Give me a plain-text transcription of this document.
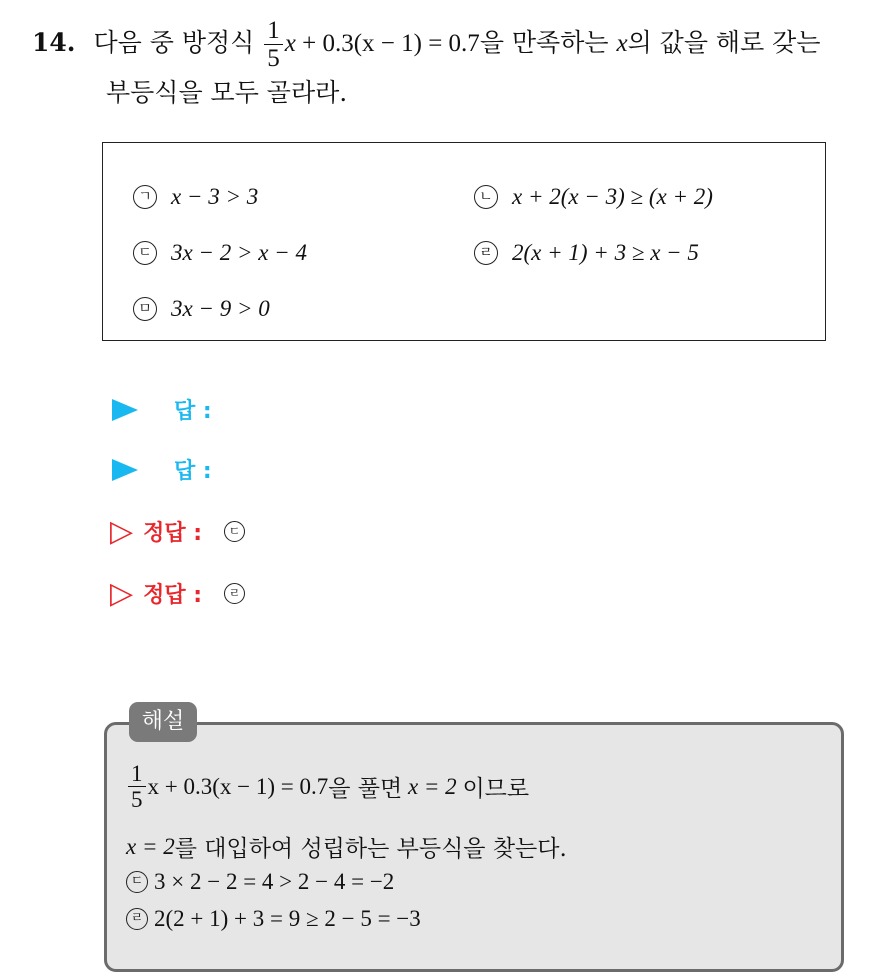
14. 다음 중 방정식 $\frac{1}{5}$ x + 0.3(x − 1) = 0.7을 만족하는 x의 값을 해로 갖는
부등식을 모두 골라라.
ㄱ x − 3 > 3	ㄴ x + 2(x − 3) ≥ (x + 2)
ㄷ 3x − 2 > x − 4	ㄹ 2(x + 1) + 3 ≥ x − 5
ㅁ 3x − 9 > 0
답 :
답 :
▷ 정답 :	ㄷ
▷ 정답 :	ㄹ
해설
$\frac{1}{5}$ x + 0.3(x − 1) = 0.7 을 풀면
x = 2
이므로
x = 2 를 대입하여 성립하는 부등식을 찾는다.
ㄷ 3 × 2 − 2 = 4 > 2 − 4 = −2
ㄹ 2(2 + 1) + 3 = 9 ≥ 2 − 5 = −3
